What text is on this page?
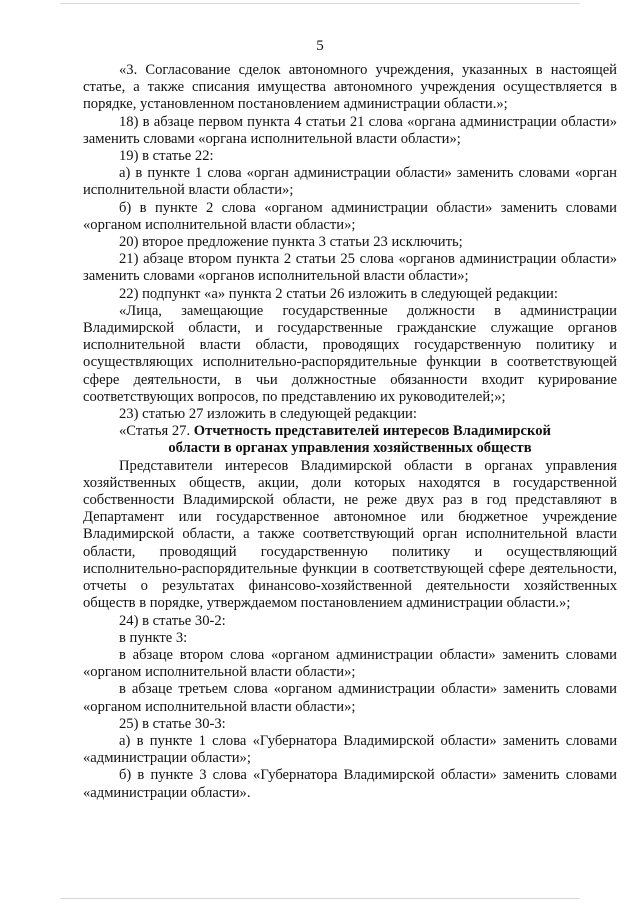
5

«3. Согласование сделок автономного учреждения, указанных в настоящей статье, а также списания имущества автономного учреждения осуществляется в порядке, установленном постановлением администрации области.»;

18) в абзаце первом пункта 4 статьи 21 слова «органа администрации области» заменить словами «органа исполнительной власти области»;

19) в статье 22:

а) в пункте 1 слова «орган администрации области» заменить словами «орган исполнительной власти области»;

б) в пункте 2 слова «органом администрации области» заменить словами «органом исполнительной власти области»;

20) второе предложение пункта 3 статьи 23 исключить;

21) абзаце втором пункта 2 статьи 25 слова «органов администрации области» заменить словами «органов исполнительной власти области»;

22) подпункт «а» пункта 2 статьи 26 изложить в следующей редакции:

«Лица, замещающие государственные должности в администрации Владимирской области, и государственные гражданские служащие органов исполнительной власти области, проводящих государственную политику и осуществляющих исполнительно-распорядительные функции в соответствующей сфере деятельности, в чьи должностные обязанности входит курирование соответствующих вопросов, по представлению их руководителей;»;

23) статью 27 изложить в следующей редакции:

«Статья 27. Отчетность представителей интересов Владимирской

области в органах управления хозяйственных обществ

Представители интересов Владимирской области в органах управления хозяйственных обществ, акции, доли которых находятся в государственной собственности Владимирской области, не реже двух раз в год представляют в Департамент или государственное автономное или бюджетное учреждение Владимирской области, а также соответствующий орган исполнительной власти области, проводящий государственную политику и осуществляющий исполнительно-распорядительные функции в соответствующей сфере деятельности, отчеты о результатах финансово-хозяйственной деятельности хозяйственных обществ в порядке, утверждаемом постановлением администрации области.»;

24) в статье 30-2:

в пункте 3:

в абзаце втором слова «органом администрации области» заменить словами «органом исполнительной власти области»;

в абзаце третьем слова «органом администрации области» заменить словами «органом исполнительной власти области»;

25) в статье 30-3:

а) в пункте 1 слова «Губернатора Владимирской области» заменить словами «администрации области»;

б) в пункте 3 слова «Губернатора Владимирской области» заменить словами «администрации области».
